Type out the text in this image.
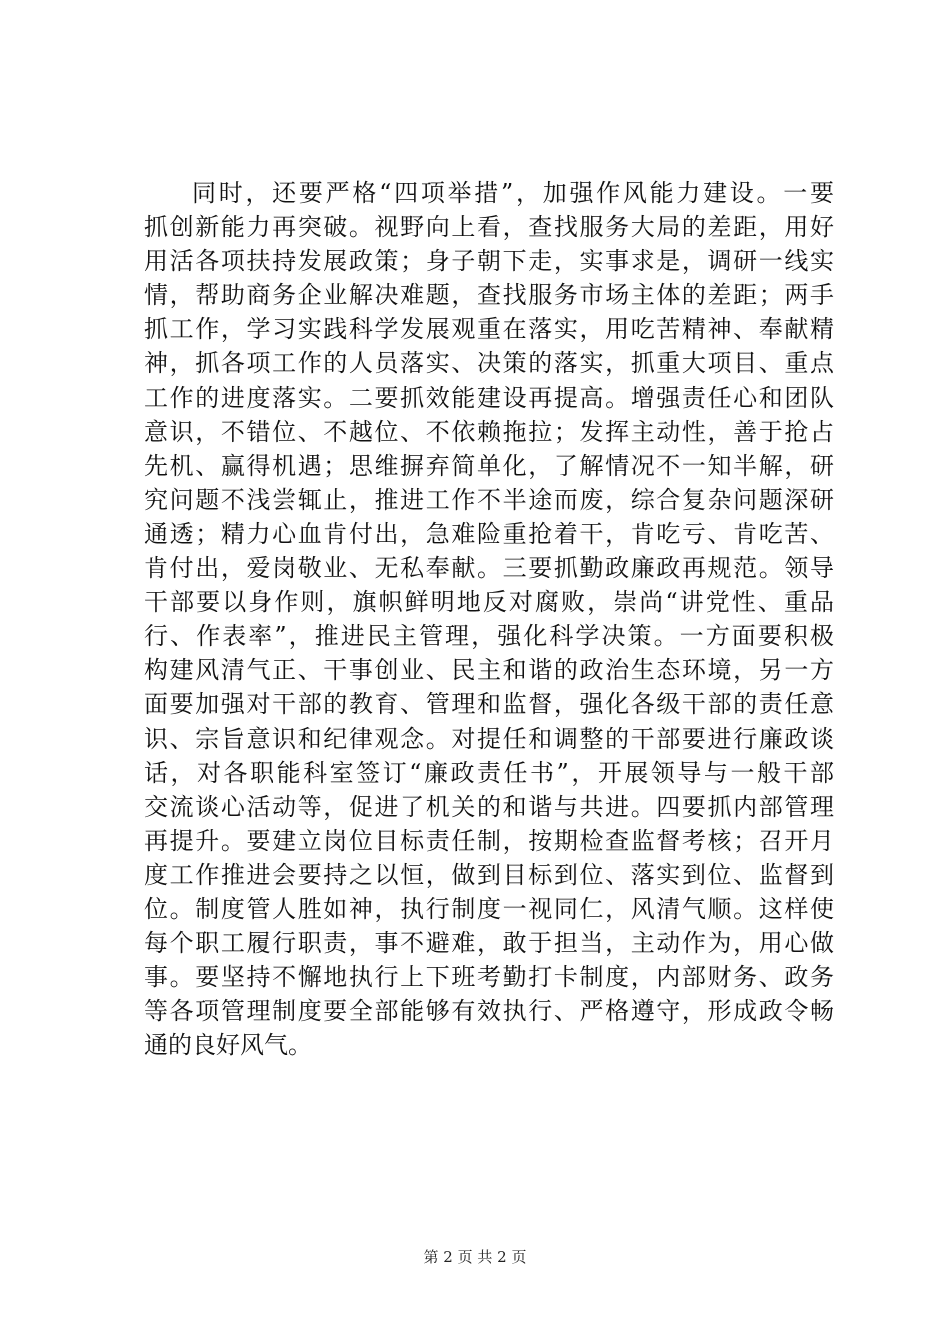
同时，还要严格“四项举措”，加强作风能力建设。一要
抓创新能力再突破。视野向上看，查找服务大局的差距，用好
用活各项扶持发展政策；身子朝下走，实事求是，调研一线实
情，帮助商务企业解决难题，查找服务市场主体的差距；两手
抓工作，学习实践科学发展观重在落实，用吃苦精神、奉献精
神，抓各项工作的人员落实、决策的落实，抓重大项目、重点
工作的进度落实。二要抓效能建设再提高。增强责任心和团队
意识，不错位、不越位、不依赖拖拉；发挥主动性，善于抢占
先机、赢得机遇；思维摒弃简单化，了解情况不一知半解，研
究问题不浅尝辄止，推进工作不半途而废，综合复杂问题深研
通透；精力心血肯付出，急难险重抢着干，肯吃亏、肯吃苦、
肯付出，爱岗敬业、无私奉献。三要抓勤政廉政再规范。领导
干部要以身作则，旗帜鲜明地反对腐败，崇尚“讲党性、重品
行、作表率”，推进民主管理，强化科学决策。一方面要积极
构建风清气正、干事创业、民主和谐的政治生态环境，另一方
面要加强对干部的教育、管理和监督，强化各级干部的责任意
识、宗旨意识和纪律观念。对提任和调整的干部要进行廉政谈
话，对各职能科室签订“廉政责任书”，开展领导与一般干部
交流谈心活动等，促进了机关的和谐与共进。四要抓内部管理
再提升。要建立岗位目标责任制，按期检查监督考核；召开月
度工作推进会要持之以恒，做到目标到位、落实到位、监督到
位。制度管人胜如神，执行制度一视同仁，风清气顺。这样使
每个职工履行职责，事不避难，敢于担当，主动作为，用心做
事。要坚持不懈地执行上下班考勤打卡制度，内部财务、政务
等各项管理制度要全部能够有效执行、严格遵守，形成政令畅
通的良好风气。
第 2 页 共 2 页
